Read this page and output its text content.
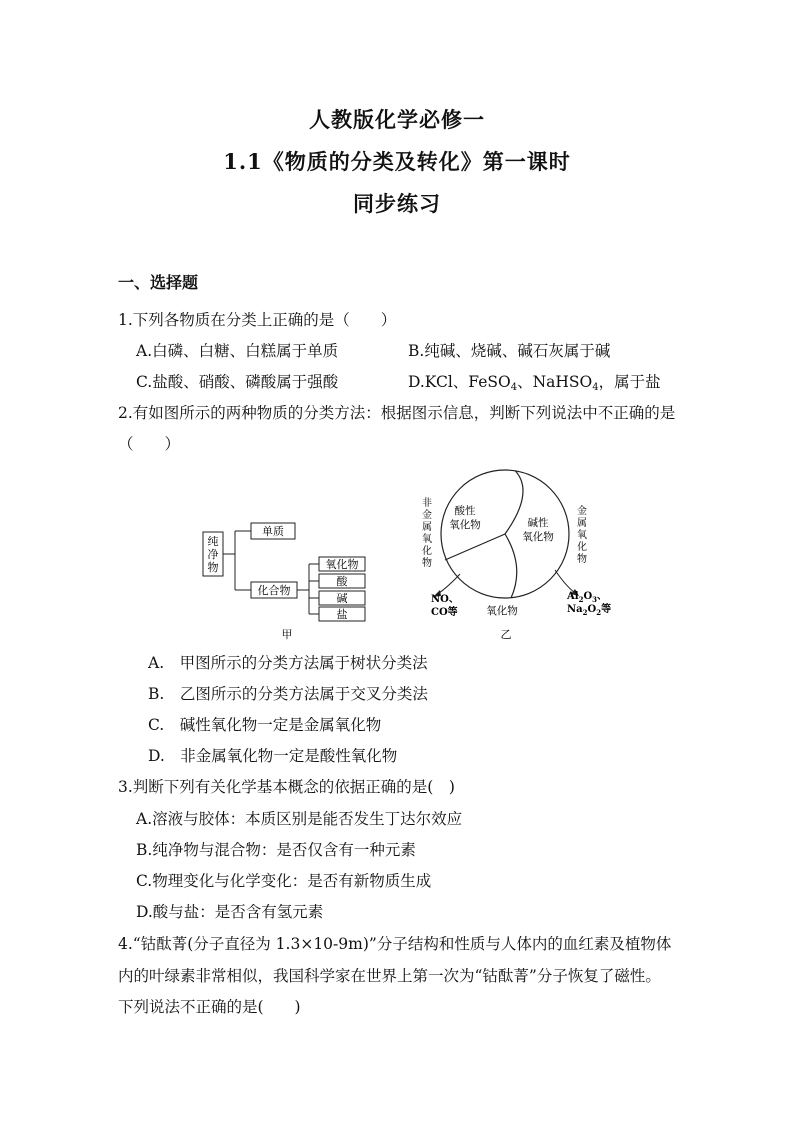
人教版化学必修一
1.1《物质的分类及转化》第一课时
同步练习
一、选择题
1.下列各物质在分类上正确的是（　　）
A.白磷、白糖、白糕属于单质	B.纯碱、烧碱、碱石灰属于碱
C.盐酸、硝酸、磷酸属于强酸	D.KCl、FeSO$_4$、NaHSO$_4$，属于盐
2.有如图所示的两种物质的分类方法：根据图示信息，判断下列说法中不正确的是
（　　）
纯
净
物
单质
化合物
氧化物
酸
碱
盐
甲
非
金
属
氧
化
物
金
属
氧
化
物
酸性
氧化物	碱性
氧化物
氧化物
NO、
CO等
$Al_2O_3$、
$Na_2O_2$等
乙
A.　甲图所示的分类方法属于树状分类法
B.　乙图所示的分类方法属于交叉分类法
C.　碱性氧化物一定是金属氧化物
D.　非金属氧化物一定是酸性氧化物
3.判断下列有关化学基本概念的依据正确的是(　)
A.溶液与胶体：本质区别是能否发生丁达尔效应
B.纯净物与混合物：是否仅含有一种元素
C.物理变化与化学变化：是否有新物质生成
D.酸与盐：是否含有氢元素
4.“钴酞菁(分子直径为 1.3×10-9m)”分子结构和性质与人体内的血红素及植物体
内的叶绿素非常相似，我国科学家在世界上第一次为“钴酞菁”分子恢复了磁性。
下列说法不正确的是(　　)
